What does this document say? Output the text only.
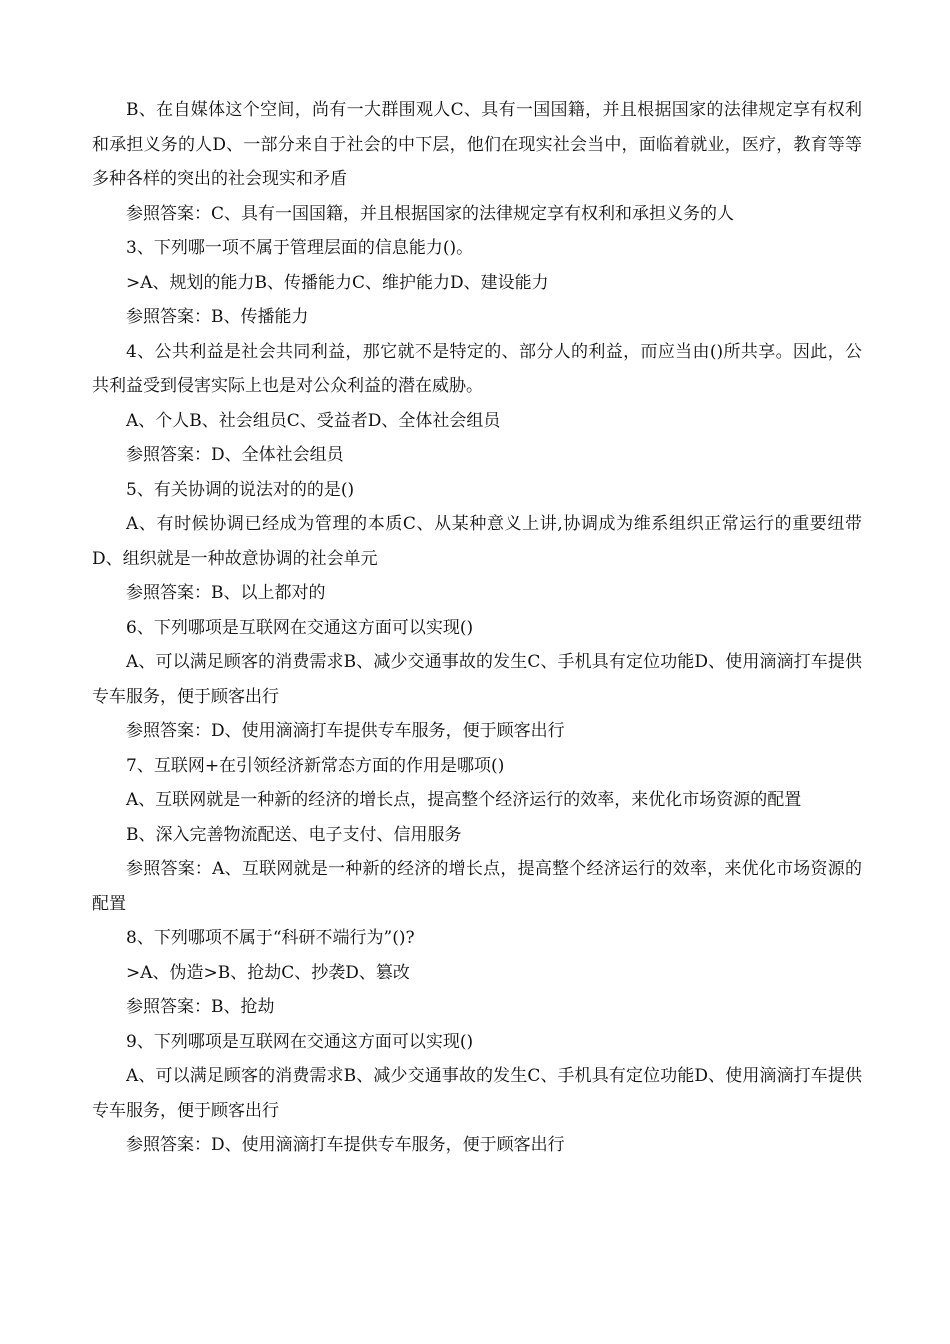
B、在自媒体这个空间，尚有一大群围观人C、具有一国国籍，并且根据国家的法律规定享有权利和承担义务的人D、一部分来自于社会的中下层，他们在现实社会当中，面临着就业，医疗，教育等等多种各样的突出的社会现实和矛盾

参照答案：C、具有一国国籍，并且根据国家的法律规定享有权利和承担义务的人

3、下列哪一项不属于管理层面的信息能力()。

>A、规划的能力B、传播能力C、维护能力D、建设能力

参照答案：B、传播能力

4、公共利益是社会共同利益，那它就不是特定的、部分人的利益，而应当由()所共享。因此，公共利益受到侵害实际上也是对公众利益的潜在威胁。

A、个人B、社会组员C、受益者D、全体社会组员

参照答案：D、全体社会组员

5、有关协调的说法对的的是()

A、有时候协调已经成为管理的本质C、从某种意义上讲,协调成为维系组织正常运行的重要纽带D、组织就是一种故意协调的社会单元

参照答案：B、以上都对的

6、下列哪项是互联网在交通这方面可以实现()

A、可以满足顾客的消费需求B、减少交通事故的发生C、手机具有定位功能D、使用滴滴打车提供专车服务，便于顾客出行

参照答案：D、使用滴滴打车提供专车服务，便于顾客出行

7、互联网+在引领经济新常态方面的作用是哪项()

A、互联网就是一种新的经济的增长点，提高整个经济运行的效率，来优化市场资源的配置

B、深入完善物流配送、电子支付、信用服务

参照答案：A、互联网就是一种新的经济的增长点，提高整个经济运行的效率，来优化市场资源的配置

8、下列哪项不属于“科研不端行为”()?

>A、伪造>B、抢劫C、抄袭D、篡改

参照答案：B、抢劫

9、下列哪项是互联网在交通这方面可以实现()

A、可以满足顾客的消费需求B、减少交通事故的发生C、手机具有定位功能D、使用滴滴打车提供专车服务，便于顾客出行

参照答案：D、使用滴滴打车提供专车服务，便于顾客出行
